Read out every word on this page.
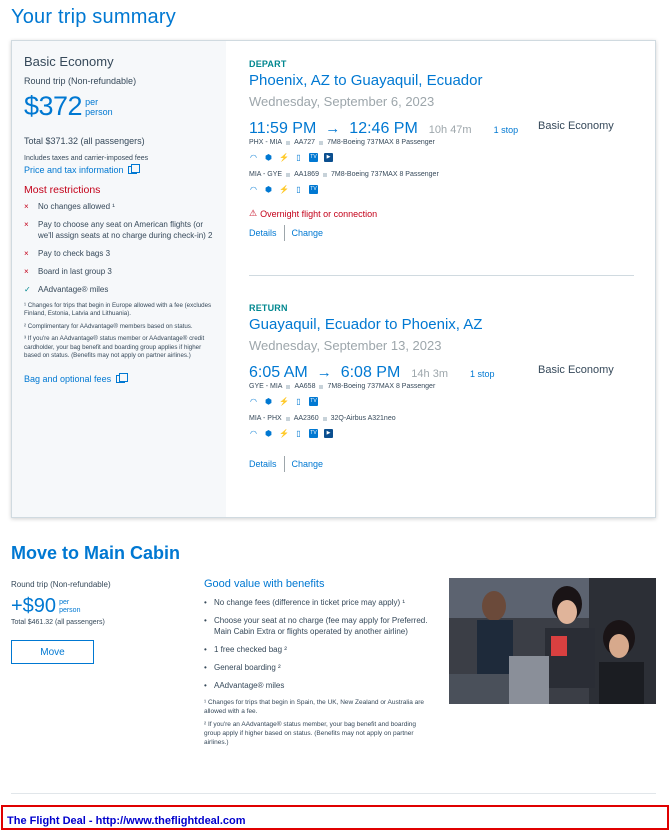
Your trip summary
Basic Economy
Round trip (Non-refundable)
$372 per
person
Total $371.32 (all passengers)
Includes taxes and carrier-imposed fees
Price and tax information
Most restrictions
×	No changes allowed ¹
×	Pay to choose any seat on American flights (or we'll assign seats at no charge during check-in) 2
×	Pay to check bags 3
×	Board in last group 3
✓ AAdvantage® miles
¹ Changes for trips that begin in Europe allowed with a fee (excludes Finland, Estonia, Latvia and Lithuania).
² Complimentary for AAdvantage® members based on status.
³ If you're an AAdvantage® status member or AAdvantage® credit cardholder, your bag benefit and boarding group applies if higher based on status. (Benefits may not apply on partner airlines.)
Bag and optional fees
DEPART
Phoenix, AZ to Guayaquil, Ecuador
Wednesday, September 6, 2023
11:59 PM → 12:46 PM 10h 47m 1 stop Basic Economy
PHX - MIA AA727 7M8-Boeing 737MAX 8 Passenger
◠ ⬢ ⚡ ▯	TV	▶
MIA - GYE AA1869 7M8-Boeing 737MAX 8 Passenger
◠ ⬢ ⚡ ▯	TV
⚠ Overnight flight or connection
Details Change
RETURN
Guayaquil, Ecuador to Phoenix, AZ
Wednesday, September 13, 2023
6:05 AM → 6:08 PM 14h 3m 1 stop	Basic Economy
GYE - MIA AA658 7M8-Boeing 737MAX 8 Passenger
◠ ⬢ ⚡ ▯	TV
MIA - PHX AA2360 32Q-Airbus A321neo
◠ ⬢ ⚡ ▯	TV	▶
Details Change
Move to Main Cabin
Round trip (Non-refundable)
+$90 per
person
Total $461.32 (all passengers)
Move
Good value with benefits
• No change fees (difference in ticket price may apply) ¹
• Choose your seat at no charge (fee may apply for Preferred. Main Cabin Extra or flights operated by another airline)
• 1 free checked bag ²
• General boarding ²
• AAdvantage® miles
¹ Changes for trips that begin in Spain, the UK, New Zealand or Australia are allowed with a fee.
² If you're an AAdvantage® status member, your bag benefit and boarding group apply if higher based on status. (Benefits may not apply on partner airlines.)
The Flight Deal - http://www.theflightdeal.com
